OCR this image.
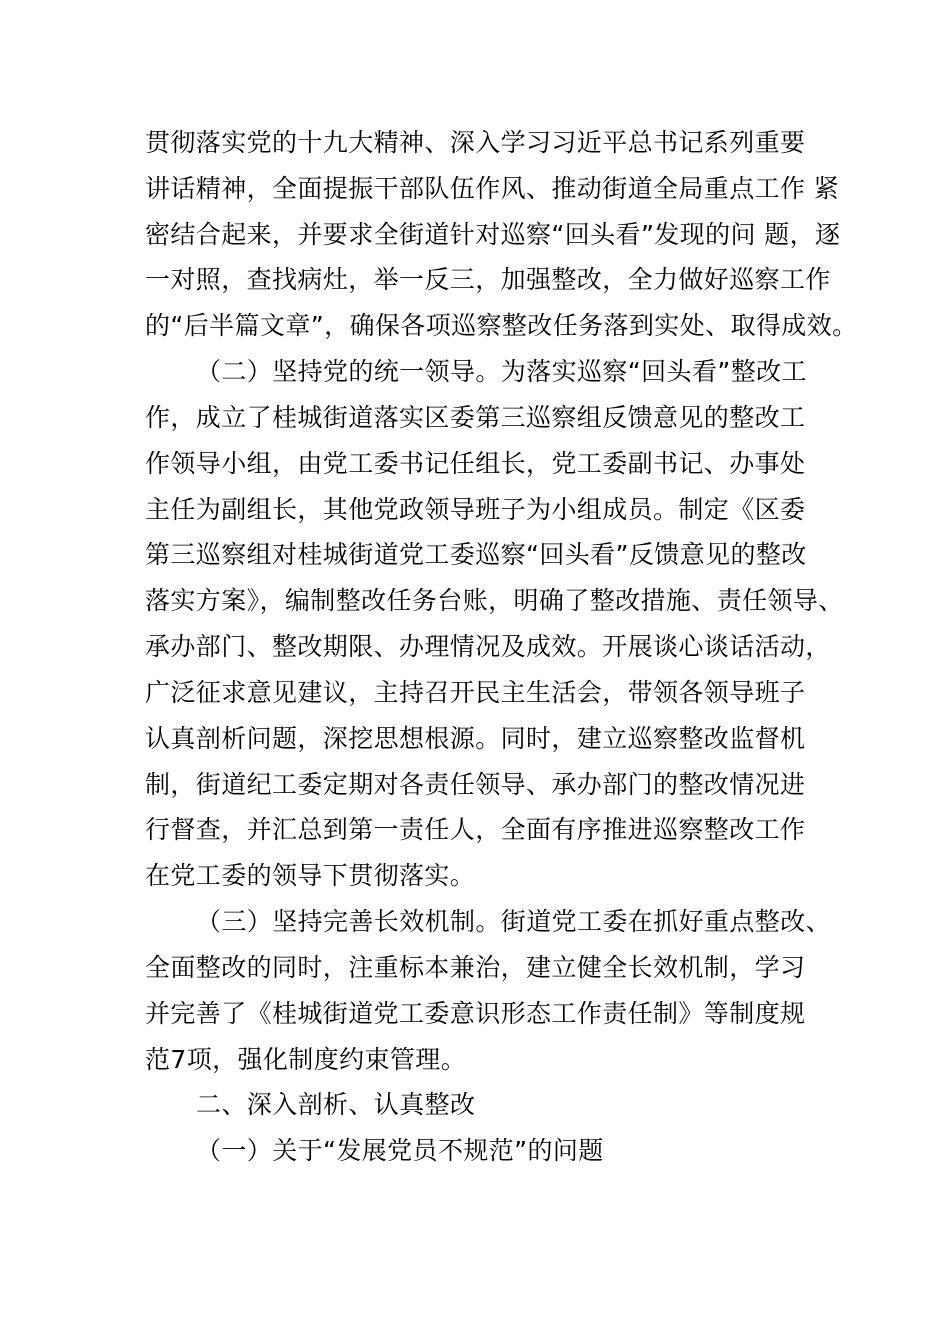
贯彻落实党的十九大精神、深入学习习近平总书记系列重要
讲话精神，全面提振干部队伍作风、推动街道全局重点工作 紧
密结合起来，并要求全街道针对巡察“回头看”发现的问 题，逐
一对照，查找病灶，举一反三，加强整改，全力做好巡察工作
的“后半篇文章”，确保各项巡察整改任务落到实处、取得成效。
（二）坚持党的统一领导。为落实巡察“回头看”整改工
作，成立了桂城街道落实区委第三巡察组反馈意见的整改工
作领导小组，由党工委书记任组长，党工委副书记、办事处
主任为副组长，其他党政领导班子为小组成员。制定《区委
第三巡察组对桂城街道党工委巡察“回头看”反馈意见的整改
落实方案》，编制整改任务台账，明确了整改措施、责任领导、
承办部门、整改期限、办理情况及成效。开展谈心谈话活动，
广泛征求意见建议，主持召开民主生活会，带领各领导班子
认真剖析问题，深挖思想根源。同时，建立巡察整改监督机
制，街道纪工委定期对各责任领导、承办部门的整改情况进
行督查，并汇总到第一责任人，全面有序推进巡察整改工作
在党工委的领导下贯彻落实。
（三）坚持完善长效机制。街道党工委在抓好重点整改、
全面整改的同时，注重标本兼治，建立健全长效机制，学习
并完善了《桂城街道党工委意识形态工作责任制》等制度规
范7项，强化制度约束管理。
二、深入剖析、认真整改
（一）关于“发展党员不规范”的问题
